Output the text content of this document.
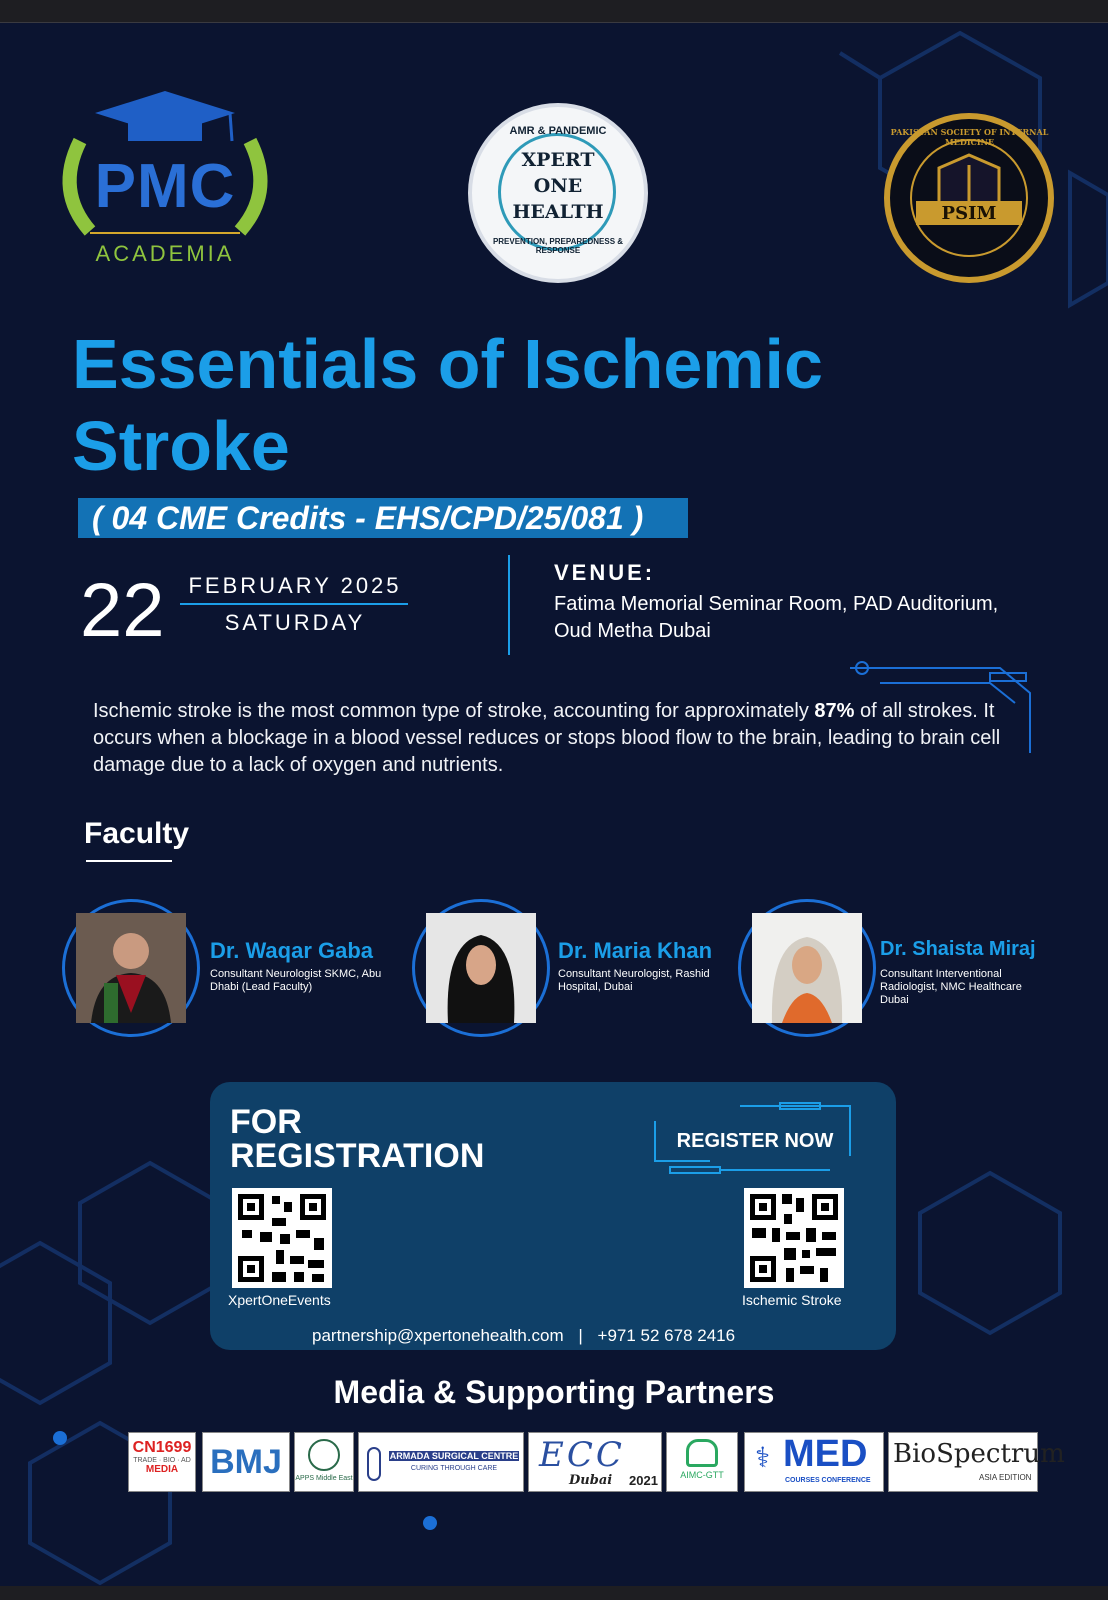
PMC
ACADEMIA
AMR & PANDEMIC
XPERT
ONE
HEALTH
PREVENTION, PREPAREDNESS & RESPONSE
PSIM
PAKISTAN SOCIETY OF INTERNAL MEDICINE
Essentials of Ischemic
Stroke
( 04 CME Credits - EHS/CPD/25/081 )
22	FEBRUARY 2025
SATURDAY
VENUE:
Fatima Memorial Seminar Room, PAD Auditorium,
Oud Metha Dubai
Ischemic stroke is the most common type of stroke, accounting for approximately 87% of all strokes. It occurs when a blockage in a blood vessel reduces or stops blood flow to the brain, leading to brain cell damage due to a lack of oxygen and nutrients.
Faculty
Dr. Waqar Gaba
Consultant Neurologist SKMC, Abu Dhabi (Lead Faculty)
Dr. Maria Khan
Consultant Neurologist, Rashid Hospital, Dubai
Dr. Shaista Miraj
Consultant Interventional Radiologist, NMC Healthcare Dubai
FOR
REGISTRATION	REGISTER NOW
XpertOneEvents	Ischemic Stroke
partnership@xpertonehealth.com | +971 52 678 2416
Media & Supporting Partners
CN1699
TRADE · BIO · AD
MEDIA BMJ	APPS Middle East
ARMADA SURGICAL CENTRE
CURING THROUGH CARE	ECC
Dubai 2021	AIMC-GTT
⚕ MED
COURSES CONFERENCE
BioSpectrum
ASIA EDITION
